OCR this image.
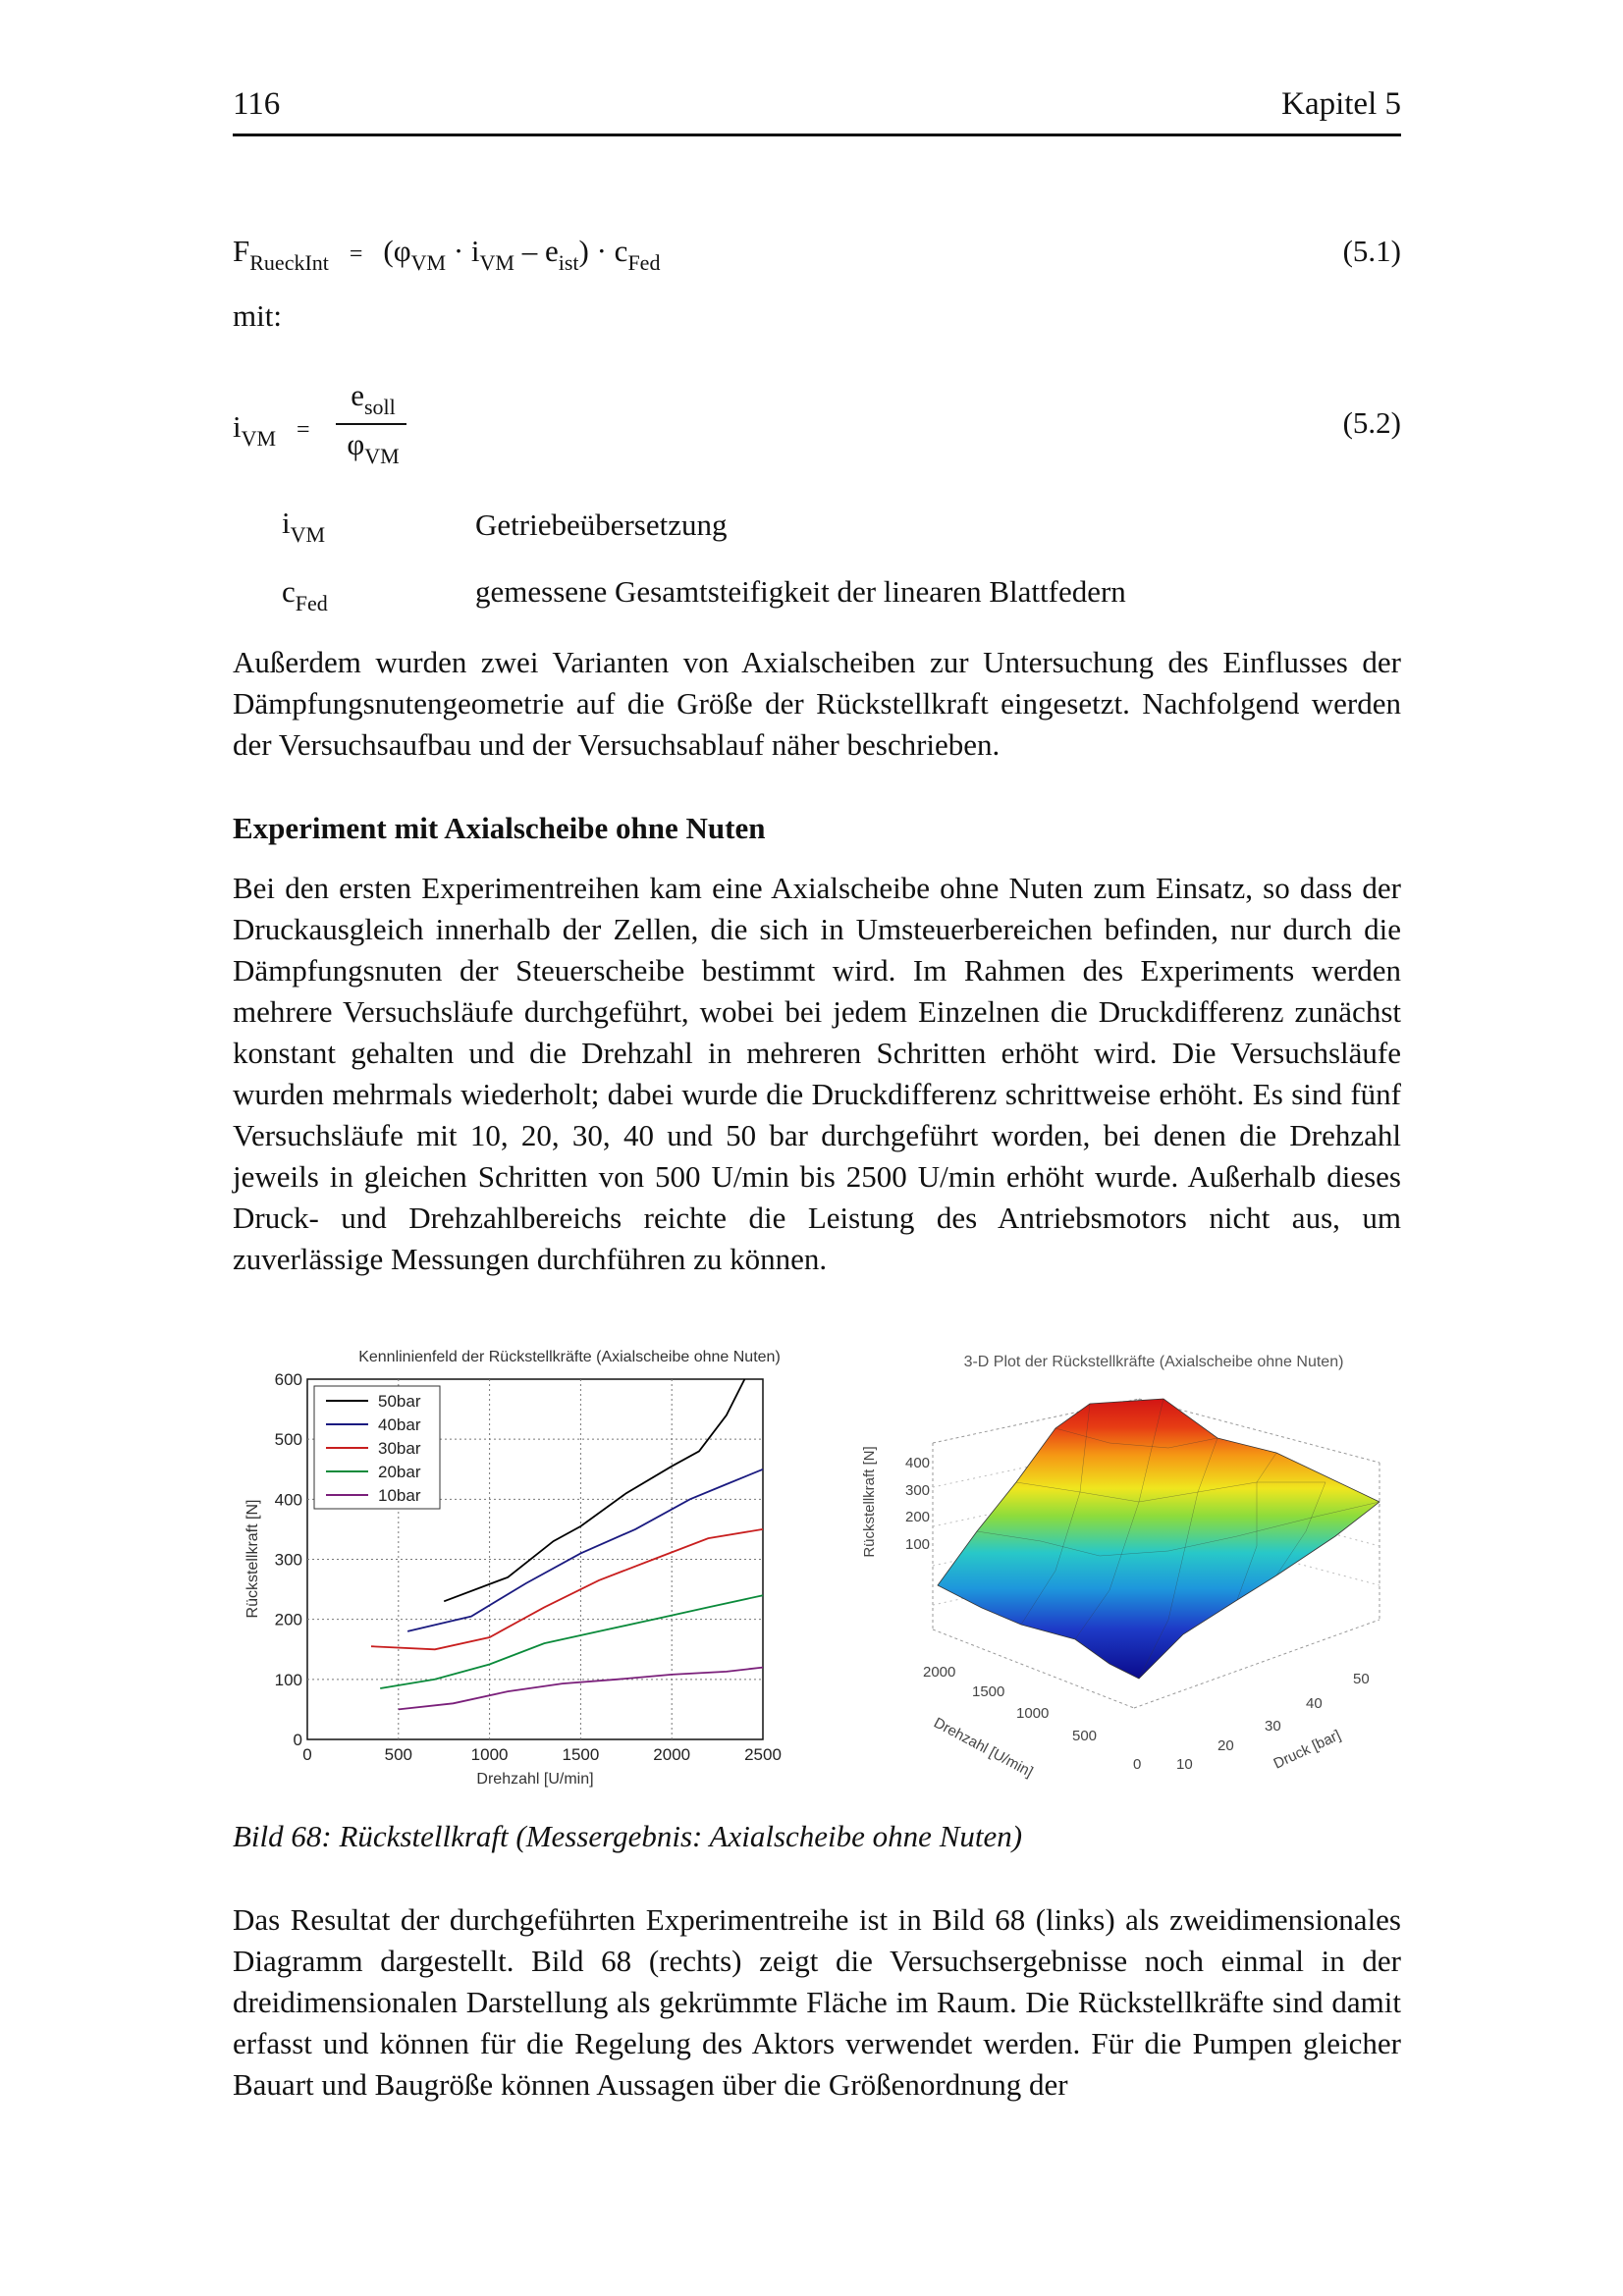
116	Kapitel 5
$F_{RueckInt} = (\varphi_{VM} \cdot i_{VM} - e_{ist}) \cdot c_{Fed}$	(5.1)
mit:
$i_{VM}$ =
$e_{soll}$
$\varphi_{VM}$
(5.2)
$i_{VM}$	Getriebeübersetzung
$c_{Fed}$	gemessene Gesamtsteifigkeit der linearen Blattfedern
Außerdem wurden zwei Varianten von Axialscheiben zur Untersuchung des Einflusses der Dämpfungsnutengeometrie auf die Größe der Rückstellkraft eingesetzt. Nachfolgend werden der Versuchsaufbau und der Versuchsablauf näher beschrieben.
Experiment mit Axialscheibe ohne Nuten
Bei den ersten Experimentreihen kam eine Axialscheibe ohne Nuten zum Einsatz, so dass der Druckausgleich innerhalb der Zellen, die sich in Umsteuerbereichen befinden, nur durch die Dämpfungsnuten der Steuerscheibe bestimmt wird. Im Rahmen des Experiments werden mehrere Versuchsläufe durchgeführt, wobei bei jedem Einzelnen die Druckdifferenz zunächst konstant gehalten und die Drehzahl in mehreren Schritten erhöht wird. Die Versuchsläufe wurden mehrmals wiederholt; dabei wurde die Druckdifferenz schrittweise erhöht. Es sind fünf Versuchsläufe mit 10, 20, 30, 40 und 50 bar durchgeführt worden, bei denen die Drehzahl jeweils in gleichen Schritten von 500 U/min bis 2500 U/min erhöht wurde. Außerhalb dieses Druck- und Drehzahlbereichs reichte die Leistung des Antriebsmotors nicht aus, um zuverlässige Messungen durchführen zu können.
Kennlinienfeld der Rückstellkräfte (Axialscheibe ohne Nuten)
0	500	1000	1500	2000	2500
0
100
200
300
400
500
600
50bar
40bar
30bar
20bar
10bar
Drehzahl [U/min]
Rückstellkraft [N]
3-D Plot der Rückstellkräfte (Axialscheibe ohne Nuten)
400
300
200
100
Rückstellkraft [N]
2000
1500
1000
500
0
Drehzahl [U/min]	10
20
30
40
50
Druck [bar]
Bild 68: Rückstellkraft (Messergebnis: Axialscheibe ohne Nuten)
Das Resultat der durchgeführten Experimentreihe ist in Bild 68 (links) als zweidimensionales Diagramm dargestellt. Bild 68 (rechts) zeigt die Versuchsergebnisse noch einmal in der dreidimensionalen Darstellung als gekrümmte Fläche im Raum. Die Rückstellkräfte sind damit erfasst und können für die Regelung des Aktors verwendet werden. Für die Pumpen gleicher Bauart und Baugröße können Aussagen über die Größenordnung der
